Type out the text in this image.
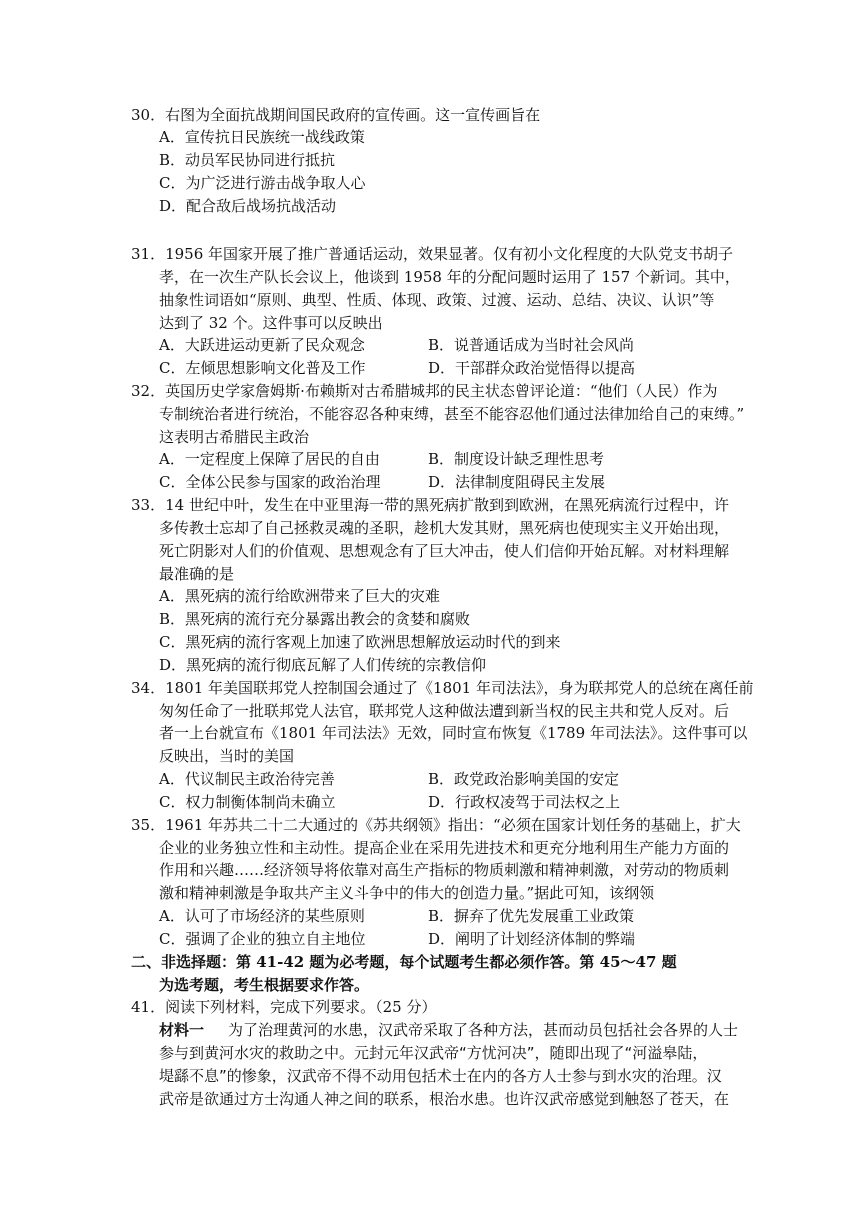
30．右图为全面抗战期间国民政府的宣传画。这一宣传画旨在
A．宣传抗日民族统一战线政策
B．动员军民协同进行抵抗
C．为广泛进行游击战争取人心
D．配合敌后战场抗战活动
31．1956 年国家开展了推广普通话运动，效果显著。仅有初小文化程度的大队党支书胡子
孝，在一次生产队长会议上，他谈到 1958 年的分配问题时运用了 157 个新词。其中，
抽象性词语如“原则、典型、性质、体现、政策、过渡、运动、总结、决议、认识”等
达到了 32 个。这件事可以反映出
A．大跃进运动更新了民众观念	B．说普通话成为当时社会风尚
C．左倾思想影响文化普及工作	D．干部群众政治觉悟得以提高
32．英国历史学家詹姆斯·布赖斯对古希腊城邦的民主状态曾评论道：“他们（人民）作为
专制统治者进行统治，不能容忍各种束缚，甚至不能容忍他们通过法律加给自己的束缚。”
这表明古希腊民主政治
A．一定程度上保障了居民的自由	B．制度设计缺乏理性思考
C．全体公民参与国家的政治治理	D．法律制度阻碍民主发展
33．14 世纪中叶，发生在中亚里海一带的黑死病扩散到到欧洲，在黑死病流行过程中，许
多传教士忘却了自己拯救灵魂的圣职，趁机大发其财，黑死病也使现实主义开始出现，
死亡阴影对人们的价值观、思想观念有了巨大冲击，使人们信仰开始瓦解。对材料理解
最准确的是
A．黑死病的流行给欧洲带来了巨大的灾难
B．黑死病的流行充分暴露出教会的贪婪和腐败
C．黑死病的流行客观上加速了欧洲思想解放运动时代的到来
D．黑死病的流行彻底瓦解了人们传统的宗教信仰
34．1801 年美国联邦党人控制国会通过了《1801 年司法法》，身为联邦党人的总统在离任前
匆匆任命了一批联邦党人法官，联邦党人这种做法遭到新当权的民主共和党人反对。后
者一上台就宣布《1801 年司法法》无效，同时宣布恢复《1789 年司法法》。这件事可以
反映出，当时的美国
A．代议制民主政治待完善	B．政党政治影响美国的安定
C．权力制衡体制尚未确立	D．行政权凌驾于司法权之上
35．1961 年苏共二十二大通过的《苏共纲领》指出：“必须在国家计划任务的基础上，扩大
企业的业务独立性和主动性。提高企业在采用先进技术和更充分地利用生产能力方面的
作用和兴趣……经济领导将依靠对高生产指标的物质刺激和精神刺激，对劳动的物质刺
激和精神刺激是争取共产主义斗争中的伟大的创造力量。”据此可知，该纲领
A．认可了市场经济的某些原则	B．摒弃了优先发展重工业政策
C．强调了企业的独立自主地位	D．阐明了计划经济体制的弊端
二、非选择题：第 41-42 题为必考题，每个试题考生都必须作答。第 45～47 题
为选考题，考生根据要求作答。
41．阅读下列材料，完成下列要求。（25 分）
材料一 为了治理黄河的水患，汉武帝采取了各种方法，甚而动员包括社会各界的人士
参与到黄河水灾的救助之中。元封元年汉武帝“方忧河决”，随即出现了“河溢皋陆，
堤繇不息”的惨象，汉武帝不得不动用包括术士在内的各方人士参与到水灾的治理。汉
武帝是欲通过方士沟通人神之间的联系，根治水患。也许汉武帝感觉到触怒了苍天，在
